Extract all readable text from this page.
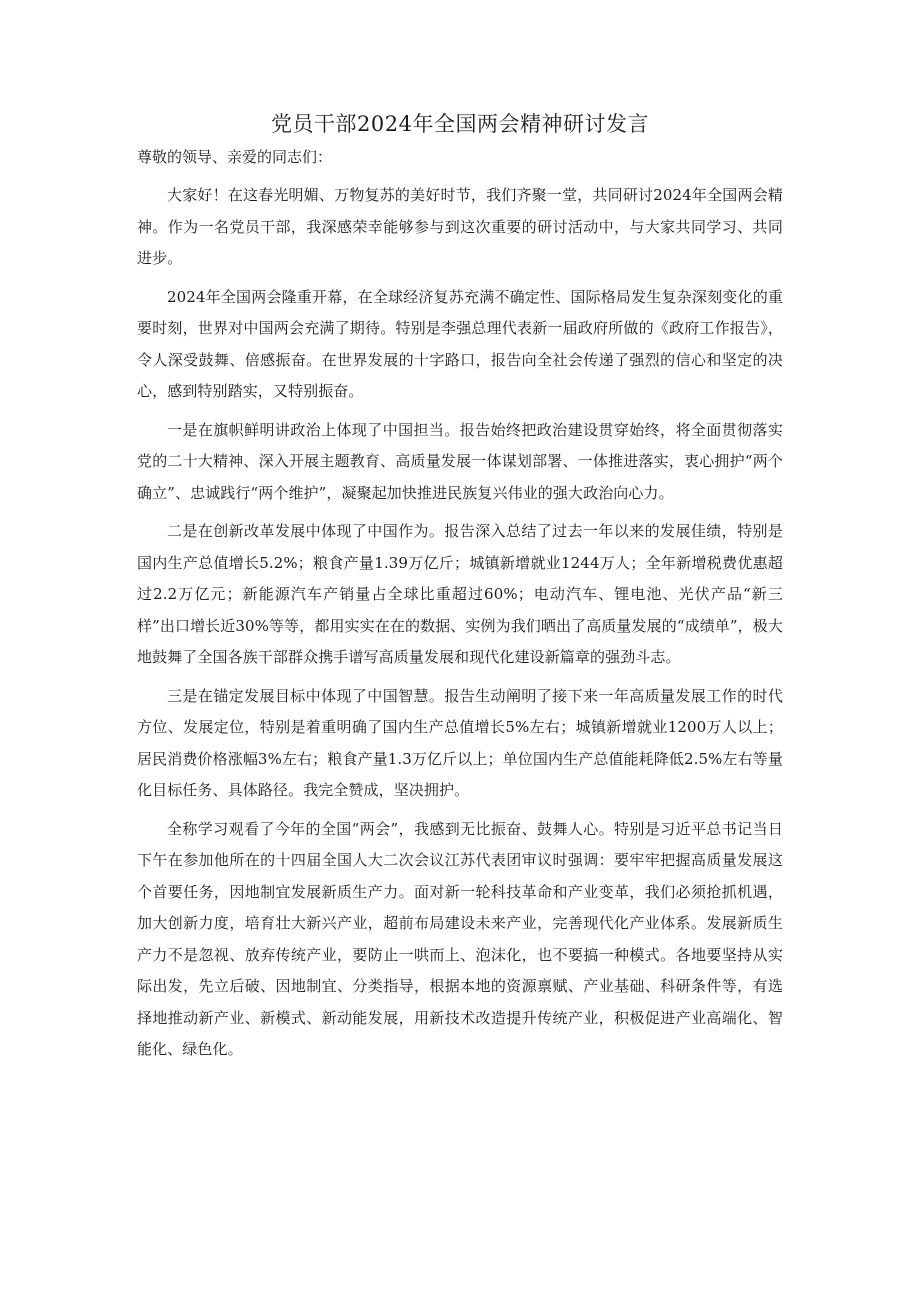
党员干部2024年全国两会精神研讨发言

尊敬的领导、亲爱的同志们：

大家好！在这春光明媚、万物复苏的美好时节，我们齐聚一堂，共同研讨2024年全国两会精神。作为一名党员干部，我深感荣幸能够参与到这次重要的研讨活动中，与大家共同学习、共同进步。

2024年全国两会隆重开幕，在全球经济复苏充满不确定性、国际格局发生复杂深刻变化的重要时刻，世界对中国两会充满了期待。特别是李强总理代表新一届政府所做的《政府工作报告》，令人深受鼓舞、倍感振奋。在世界发展的十字路口，报告向全社会传递了强烈的信心和坚定的决心，感到特别踏实，又特别振奋。

一是在旗帜鲜明讲政治上体现了中国担当。报告始终把政治建设贯穿始终，将全面贯彻落实党的二十大精神、深入开展主题教育、高质量发展一体谋划部署、一体推进落实，衷心拥护“两个确立”、忠诚践行“两个维护”，凝聚起加快推进民族复兴伟业的强大政治向心力。

二是在创新改革发展中体现了中国作为。报告深入总结了过去一年以来的发展佳绩，特别是国内生产总值增长5.2%；粮食产量1.39万亿斤；城镇新增就业1244万人；全年新增税费优惠超过2.2万亿元；新能源汽车产销量占全球比重超过60%；电动汽车、锂电池、光伏产品“新三样”出口增长近30%等等，都用实实在在的数据、实例为我们晒出了高质量发展的“成绩单”，极大地鼓舞了全国各族干部群众携手谱写高质量发展和现代化建设新篇章的强劲斗志。

三是在锚定发展目标中体现了中国智慧。报告生动阐明了接下来一年高质量发展工作的时代方位、发展定位，特别是着重明确了国内生产总值增长5%左右；城镇新增就业1200万人以上；居民消费价格涨幅3%左右；粮食产量1.3万亿斤以上；单位国内生产总值能耗降低2.5%左右等量化目标任务、具体路径。我完全赞成，坚决拥护。

全称学习观看了今年的全国“两会”，我感到无比振奋、鼓舞人心。特别是习近平总书记当日下午在参加他所在的十四届全国人大二次会议江苏代表团审议时强调：要牢牢把握高质量发展这个首要任务，因地制宜发展新质生产力。面对新一轮科技革命和产业变革，我们必须抢抓机遇，加大创新力度，培育壮大新兴产业，超前布局建设未来产业，完善现代化产业体系。发展新质生产力不是忽视、放弃传统产业，要防止一哄而上、泡沫化，也不要搞一种模式。各地要坚持从实际出发，先立后破、因地制宜、分类指导，根据本地的资源禀赋、产业基础、科研条件等，有选择地推动新产业、新模式、新动能发展，用新技术改造提升传统产业，积极促进产业高端化、智能化、绿色化。
